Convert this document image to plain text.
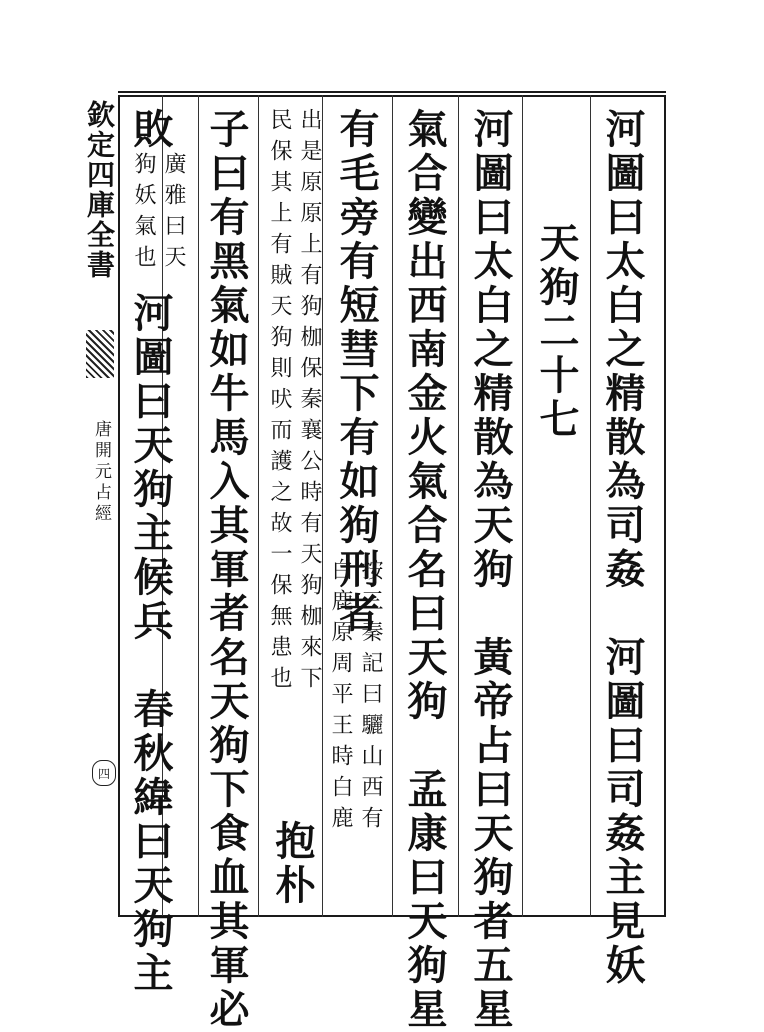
欽定四庫全書
唐開元占經
四	河圖曰太白之精散為司姦　河圖曰司姦主見妖
天狗二十七
河圖曰太白之精散為天狗　黃帝占曰天狗者五星
氣合變出西南金火氣合名曰天狗　孟康曰天狗星
有毛旁有短彗下有如狗刑者
按三秦記曰驪山西有
白鹿原周平王時白鹿
出是原原上有狗枷保秦襄公時有天狗枷來下
民保其上有賊天狗則吠而護之故一保無患也
抱朴
子曰有黑氣如牛馬入其軍者名天狗下食血其軍必
敗
廣雅曰天
狗妖氣也
河圖曰天狗主候兵　春秋緯曰天狗主
